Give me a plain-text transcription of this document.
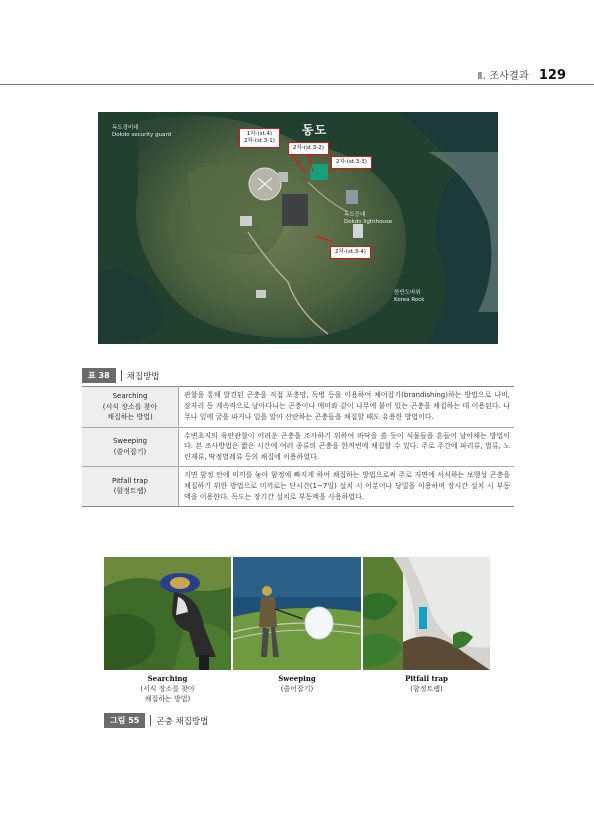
Ⅱ. 조사결과 129
동도
독도경비대
Dokdo security guard
독도등대
Dokdo lighthouse
한반도바위
Korea Rock
1차-(st.4)
2차-(st.3-1)
2차-(st.3-2)
2차-(st.3-3)
2차-(st.3-4)
표 38	채집방법
Searching
(서식 장소를 찾아
채집하는 방법)	관찰을 통해 발견된 곤충을 직접 포충망, 독병 등을 이용하여 채어잡기(brandishing)하는 방법으로 나비, 잠자리 등 계속적으로 날아다니는 곤충이나 매미와 같이 나무에 붙어 있는 곤충을 채집하는 데 이용된다. 나무나 잎에 굴을 파거나 잎을 말아 산란하는 곤충들을 채집할 때도 유용한 방법이다.

Sweeping
(쓸어잡기)	수변초지의 육안관찰이 어려운 곤충을 조사하기 위하여 바닥을 쓸 듯이 식물들을 흔들어 날아채는 방법이다. 본 조사방법은 짧은 시간에 여러 종류의 곤충을 한꺼번에 채집할 수 있다. 주로 주간에 파리류, 벌류, 노린재류, 딱정벌레류 등의 채집에 이용하였다.

Pitfall trap
(함정트랩)	지면 함정 안에 미끼를 놓아 함정에 빠지게 하여 채집하는 방법으로써 주로 지면에 서식하는 보행성 곤충을 채집하기 위한 방법으로 미끼로는 단시간(1~7일) 설치 시 어분이나 당밀을 이용하며 장시간 설치 시 부동액을 이용한다. 독도는 장기간 설치로 부동액을 사용하였다.
Searching
(서식 장소를 찾아
채집하는 방법)
Sweeping
(쓸어잡기)
Pitfall trap
(함정트랩)
그림 55	곤충 채집방법
